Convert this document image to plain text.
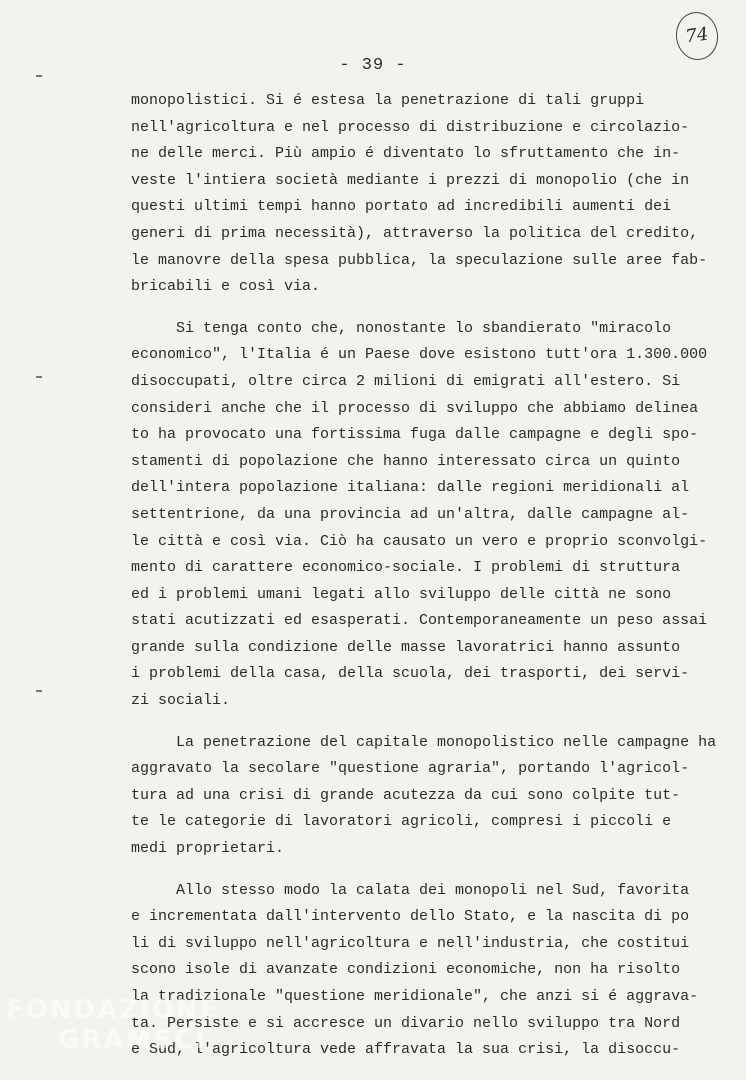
- 39 -
74
monopolistici. Si é estesa la penetrazione di tali gruppi
nell'agricoltura e nel processo di distribuzione e circolazio-
ne delle merci. Più ampio é diventato lo sfruttamento che in-
veste l'intiera società mediante i prezzi di monopolio (che in
questi ultimi tempi hanno portato ad incredibili aumenti dei
generi di prima necessità), attraverso la politica del credito,
le manovre della spesa pubblica, la speculazione sulle aree fab-
bricabili e così via.
Si tenga conto che, nonostante lo sbandierato "miracolo
economico", l'Italia é un Paese dove esistono tutt'ora 1.300.000
disoccupati, oltre circa 2 milioni di emigrati all'estero. Si
consideri anche che il processo di sviluppo che abbiamo delinea
to ha provocato una fortissima fuga dalle campagne e degli spo-
stamenti di popolazione che hanno interessato circa un quinto
dell'intera popolazione italiana: dalle regioni meridionali al
settentrione, da una provincia ad un'altra, dalle campagne al-
le città e così via. Ciò ha causato un vero e proprio sconvolgi-
mento di carattere economico-sociale. I problemi di struttura
ed i problemi umani legati allo sviluppo delle città ne sono
stati acutizzati ed esasperati. Contemporaneamente un peso assai
grande sulla condizione delle masse lavoratrici hanno assunto
i problemi della casa, della scuola, dei trasporti, dei servi-
zi sociali.
La penetrazione del capitale monopolistico nelle campagne ha
aggravato la secolare "questione agraria", portando l'agricol-
tura ad una crisi di grande acutezza da cui sono colpite tut-
te le categorie di lavoratori agricoli, compresi i piccoli e
medi proprietari.
Allo stesso modo la calata dei monopoli nel Sud, favorita
e incrementata dall'intervento dello Stato, e la nascita di po
li di sviluppo nell'agricoltura e nell'industria, che costitui
scono isole di avanzate condizioni economiche, non ha risolto
la tradizionale "questione meridionale", che anzi si é aggrava-
ta. Persiste e si accresce un divario nello sviluppo tra Nord
e Sud, l'agricoltura vede affravata la sua crisi, la disoccu-
FONDAZIONE
GRAMSCI
